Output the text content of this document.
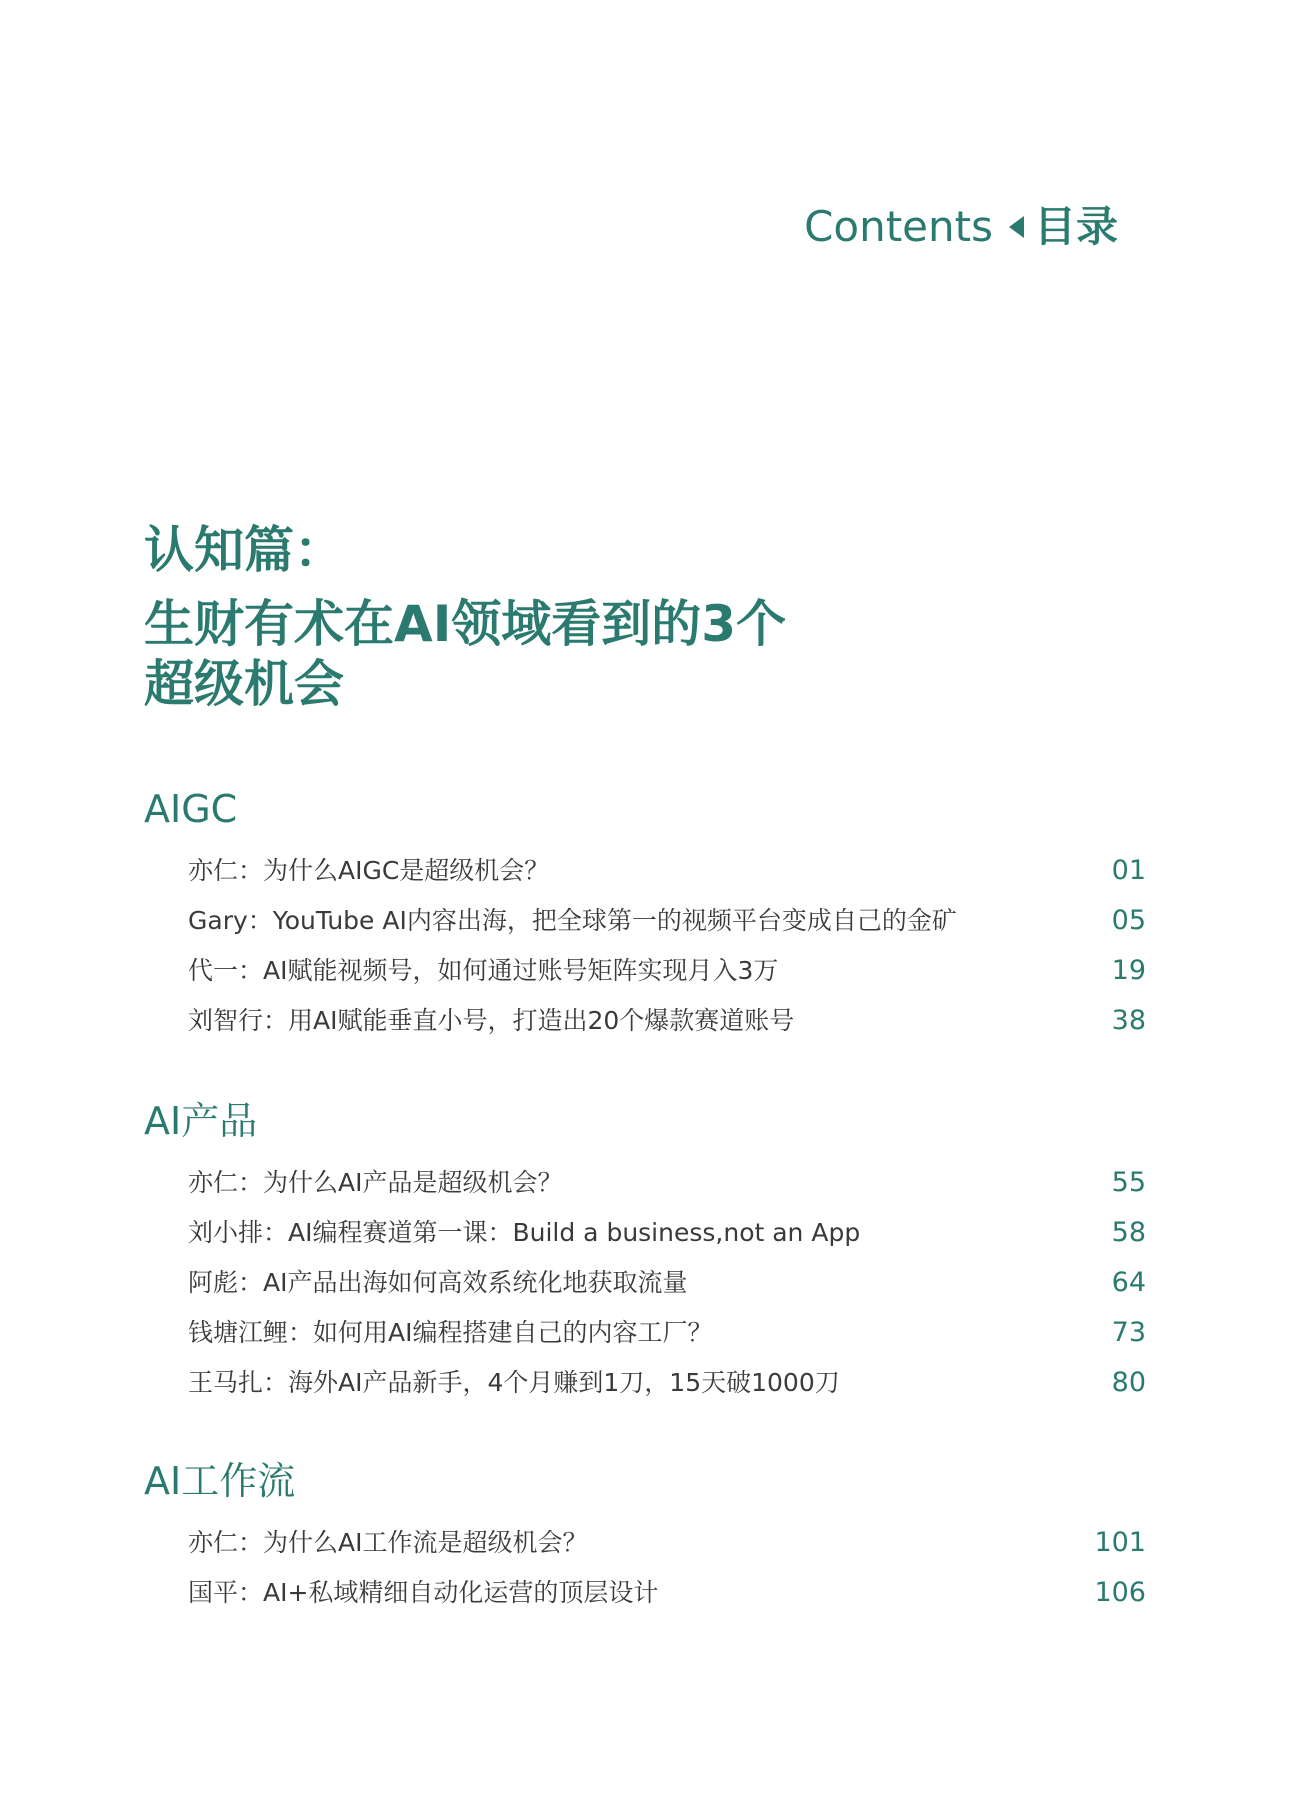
Contents 目录
认知篇：
生财有术在AI领域看到的3个
超级机会
AIGC
亦仁：为什么AIGC是超级机会？	01
Gary：YouTube AI内容出海，把全球第一的视频平台变成自己的金矿	05
代一：AI赋能视频号，如何通过账号矩阵实现月入3万	19
刘智行：用AI赋能垂直小号，打造出20个爆款赛道账号	38
AI产品
亦仁：为什么AI产品是超级机会？	55
刘小排：AI编程赛道第一课：Build a business,not an App	58
阿彪：AI产品出海如何高效系统化地获取流量	64
钱塘江鲤：如何用AI编程搭建自己的内容工厂？	73
王马扎：海外AI产品新手，4个月赚到1刀，15天破1000刀	80
AI工作流
亦仁：为什么AI工作流是超级机会？	101
国平：AI+私域精细自动化运营的顶层设计	106
